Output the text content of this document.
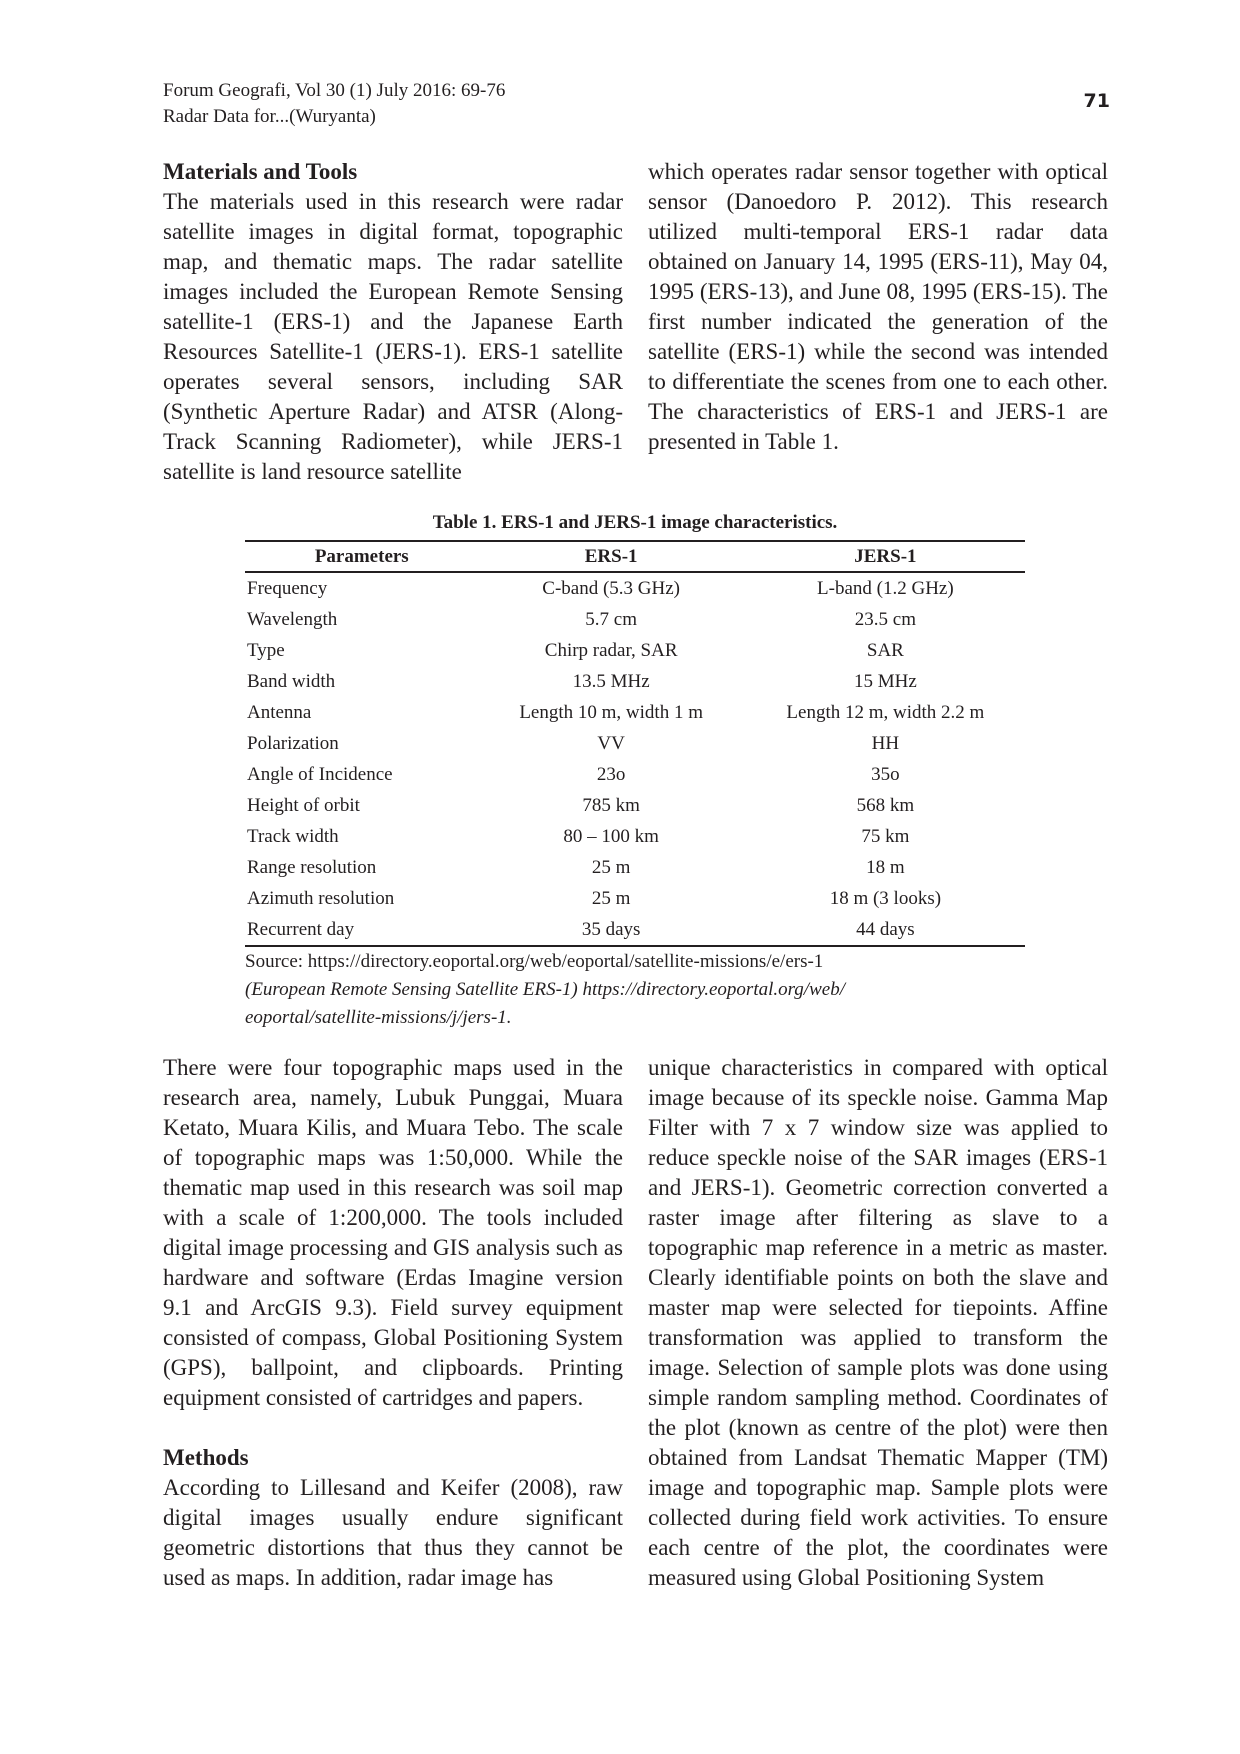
Forum Geografi, Vol 30 (1) July 2016: 69-76
Radar Data for...(Wuryanta)
71
Materials and Tools

The materials used in this research were radar satellite images in digital format, topographic map, and thematic maps. The radar satellite images included the European Remote Sensing satellite-1 (ERS-1) and the Japanese Earth Resources Satellite-1 (JERS-1). ERS-1 satellite operates several sensors, including SAR (Synthetic Aperture Radar) and ATSR (Along-Track Scanning Radiometer), while JERS-1 satellite is land resource satellite

which operates radar sensor together with optical sensor (Danoedoro P. 2012). This research utilized multi-temporal ERS-1 radar data obtained on January 14, 1995 (ERS-11), May 04, 1995 (ERS-13), and June 08, 1995 (ERS-15). The first number indicated the generation of the satellite (ERS-1) while the second was intended to differentiate the scenes from one to each other. The characteristics of ERS-1 and JERS-1 are presented in Table 1.

Table 1. ERS-1 and JERS-1 image characteristics.
Parameters	ERS-1	JERS-1
Frequency	C-band (5.3 GHz)	L-band (1.2 GHz)
Wavelength	5.7 cm	23.5 cm
Type	Chirp radar, SAR	SAR
Band width	13.5 MHz	15 MHz
Antenna	Length 10 m, width 1 m	Length 12 m, width 2.2 m
Polarization	VV	HH
Angle of Incidence	23o	35o
Height of orbit	785 km	568 km
Track width	80 – 100 km	75 km
Range resolution	25 m	18 m
Azimuth resolution	25 m	18 m (3 looks)
Recurrent day	35 days	44 days
Source: https://directory.eoportal.org/web/eoportal/satellite-missions/e/ers-1
(European Remote Sensing Satellite ERS-1) https://directory.eoportal.org/web/
eoportal/satellite-missions/j/jers-1.

There were four topographic maps used in the research area, namely, Lubuk Punggai, Muara Ketato, Muara Kilis, and Muara Tebo. The scale of topographic maps was 1:50,000. While the thematic map used in this research was soil map with a scale of 1:200,000. The tools included digital image processing and GIS analysis such as hardware and software (Erdas Imagine version 9.1 and ArcGIS 9.3). Field survey equipment consisted of compass, Global Positioning System (GPS), ballpoint, and clipboards. Printing equipment consisted of cartridges and papers.

Methods

According to Lillesand and Keifer (2008), raw digital images usually endure significant geometric distortions that thus they cannot be used as maps. In addition, radar image has

unique characteristics in compared with optical image because of its speckle noise. Gamma Map Filter with 7 x 7 window size was applied to reduce speckle noise of the SAR images (ERS-1 and JERS-1). Geometric correction converted a raster image after filtering as slave to a topographic map reference in a metric as master. Clearly identifiable points on both the slave and master map were selected for tiepoints. Affine transformation was applied to transform the image. Selection of sample plots was done using simple random sampling method. Coordinates of the plot (known as centre of the plot) were then obtained from Landsat Thematic Mapper (TM) image and topographic map. Sample plots were collected during field work activities. To ensure each centre of the plot, the coordinates were measured using Global Positioning System
